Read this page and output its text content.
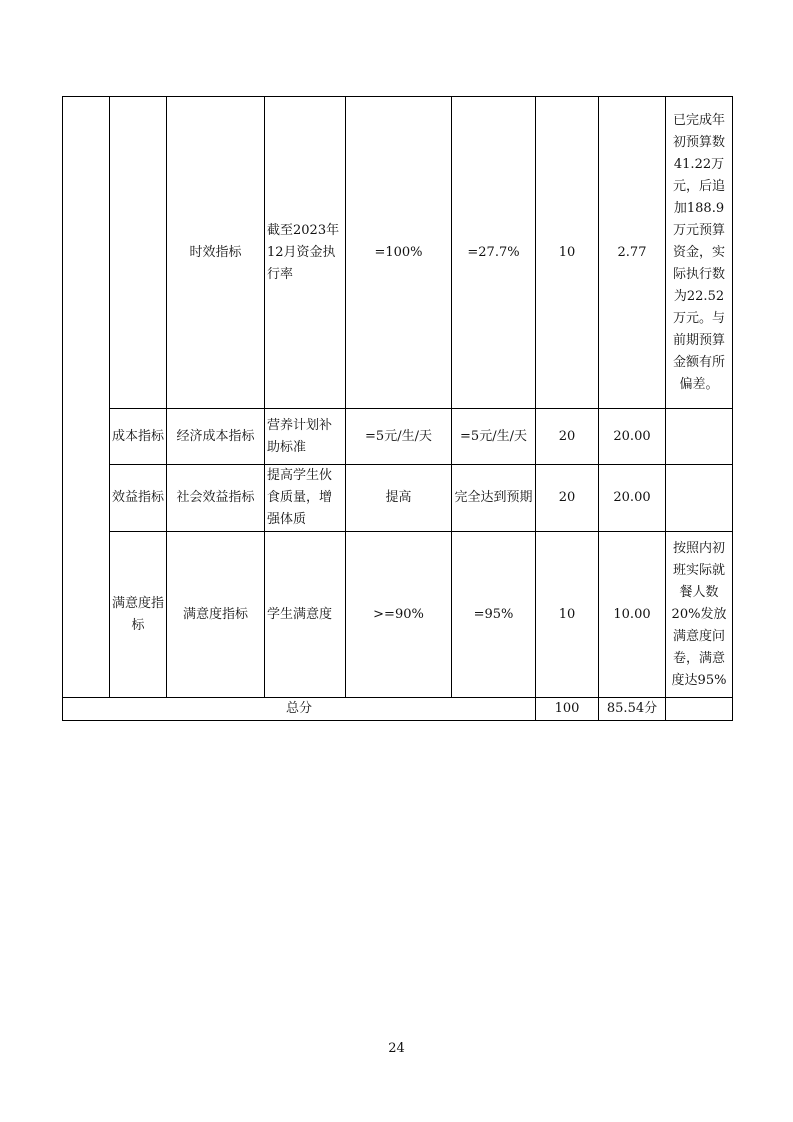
		时效指标	截至2023年12月资金执行率	=100%	=27.7%	10	2.77	已完成年初预算数41.22万元，后追加188.9万元预算资金，实际执行数为22.52万元。与前期预算金额有所偏差。
	成本指标	经济成本指标	营养计划补助标准	=5元/生/天	=5元/生/天	20	20.00	
	效益指标	社会效益指标	提高学生伙食质量，增强体质	提高	完全达到预期	20	20.00	
	满意度指标	满意度指标	学生满意度	>=90%	=95%	10	10.00	按照内初班实际就餐人数20%发放满意度问卷，满意度达95%
总分						100	85.54分	
24
